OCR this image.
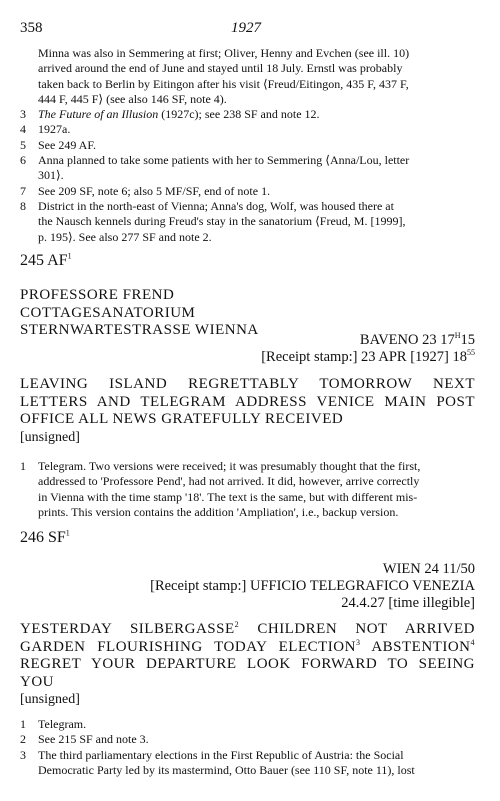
358	1927
Minna was also in Semmering at first; Oliver, Henny and Evchen (see ill. 10)
arrived around the end of June and stayed until 18 July. Ernstl was probably
taken back to Berlin by Eitingon after his visit ⟨Freud/Eitingon, 435 F, 437 F,
444 F, 445 F⟩ (see also 146 SF, note 4).
3	The Future of an Illusion (1927c); see 238 SF and note 12.
4	1927a.
5	See 249 AF.
6	Anna planned to take some patients with her to Semmering ⟨Anna/Lou, letter
301⟩.
7	See 209 SF, note 6; also 5 MF/SF, end of note 1.
8	District in the north-east of Vienna; Anna's dog, Wolf, was housed there at
the Nausch kennels during Freud's stay in the sanatorium ⟨Freud, M. [1999],
p. 195⟩. See also 277 SF and note 2.
245 $AF^1$
PROFESSORE FREND
COTTAGESANATORIUM
STERNWARTESTRASSE WIENNA
BAVENO 23 $17^H15$
[Receipt stamp:] 23 APR [1927] $18^{55}$
LEAVING ISLAND REGRETTABLY TOMORROW NEXT
LETTERS AND TELEGRAM ADDRESS VENICE MAIN POST
OFFICE ALL NEWS GRATEFULLY RECEIVED
[unsigned]
1	Telegram. Two versions were received; it was presumably thought that the first,
addressed to 'Professore Pend', had not arrived. It did, however, arrive correctly
in Vienna with the time stamp '18'. The text is the same, but with different mis-
prints. This version contains the addition 'Ampliation', i.e., backup version.
246 $SF^1$
WIEN 24 11/50
[Receipt stamp:] UFFICIO TELEGRAFICO VENEZIA
24.4.27 [time illegible]
YESTERDAY SILBERGASSE$^2$ CHILDREN NOT ARRIVED
GARDEN FLOURISHING TODAY ELECTION$^3$ ABSTENTION$^4$
REGRET YOUR DEPARTURE LOOK FORWARD TO SEEING
YOU
[unsigned]
1	Telegram.
2	See 215 SF and note 3.
3	The third parliamentary elections in the First Republic of Austria: the Social
Democratic Party led by its mastermind, Otto Bauer (see 110 SF, note 11), lost
